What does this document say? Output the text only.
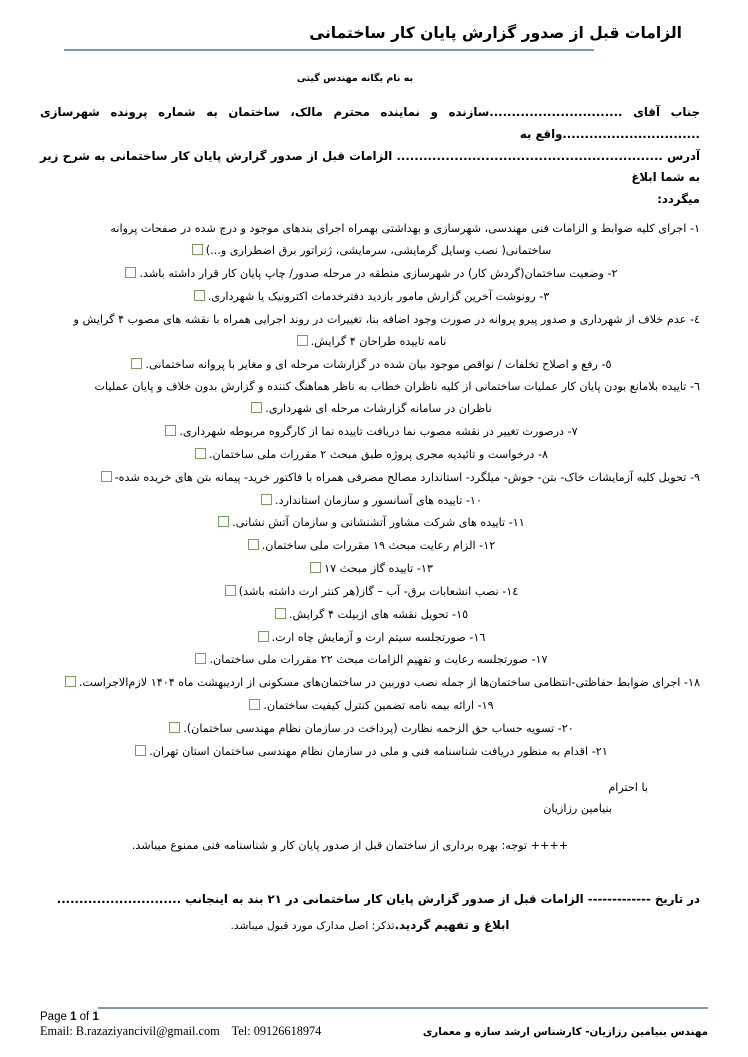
الزامات قبل از صدور گزارش پایان کار ساختمانی
به نام یگانه مهندس گیتی
جناب آقای ..............................سازنده و نماینده محترم مالک، ساختمان به شماره پرونده شهرسازی ...............................واقع به
آدرس ............................................................ الزامات قبل از صدور گزارش پایان کار ساختمانی به شرح زیر به شما ابلاغ
میگردد:
١- اجرای کلیه ضوابط و الزامات فنی مهندسی، شهرسازی و بهداشتی بهمراه اجرای بندهای موجود و درج شده در صفحات پروانه
ساختمانی( نصب وسایل گرمایشی، سرمایشی، ژنراتور برق اضطراری و...)
٢- وضعیت ساختمان(گردش کار) در شهرسازی منطقه در مرحله صدور/ چاپ پایان کار قرار داشته باشد.
٣- رونوشت آخرین گزارش مامور بازدید دفترخدمات اکترونیک یا شهرداری.
٤- عدم خلاف از شهرداری و صدور پیرو پروانه در صورت وجود اضافه بنا، تغییرات در روند اجرایی همراه با نقشه های مصوب ۴ گرایش و
نامه تاییده طراحان ۴ گرایش.
٥- رفع و اصلاح تخلفات / نواقص موجود بیان شده در گزارشات مرحله ای و مغایر با پروانه ساختمانی.
٦- تاییده بلامانع بودن پایان کار عملیات ساختمانی از کلیه ناظران خطاب به ناظر هماهنگ کننده و گزارش بدون خلاف و پایان عملیات
ناظران در سامانه گزارشات مرحله ای شهرداری.
٧- درصورت تغییر در نقشه مصوب نما دریافت تاییده نما از کارگروه مربوطه شهرداری.
٨- درخواست و تائیدیه مجری پروژه طبق مبحث ٢ مقررات ملی ساختمان.
٩- تحویل کلیه آزمایشات خاک- بتن- جوش- میلگرد- استاندارد مصالح مصرفی همراه با فاکتور خرید- پیمانه بتن های خریده شده-
١٠- تاییده های آسانسور و سازمان استاندارد.
١١- تاییده های شرکت مشاور آتشنشانی و سازمان آتش نشانی.
١٢- الزام رعایت مبحث ١٩ مقررات ملی ساختمان.
١٣- تاییده گاز مبحث ١٧
١٤- نصب انشعابات برق- آب – گاز(هر کنتر ارت داشته باشد)
١٥- تحویل نقشه های ازبیلت ۴ گرایش.
١٦- صورتجلسه سیتم ارت و آزمایش چاه ارت.
١٧- صورتجلسه رعایت و تفهیم الزامات مبحث ٢٢ مقررات ملی ساختمان.
١٨- اجرای ضوابط حفاظتی-انتظامی ساختمان‌ها از جمله نصب دوربین در ساختمان‌های مسکونی از اردیبهشت ماه ١۴٠۴ لازم‌الاجراست.
١٩- ارائه بیمه نامه تضمین کنترل کیفیت ساختمان.
٢٠- تسویه حساب حق الزحمه نظارت (پرداخت در سازمان نظام مهندسی ساختمان).
٢١- اقدام به منظور دریافت شناسنامه فنی و ملی در سازمان نظام مهندسی ساختمان استان تهران.
با احترام
بنیامین رزازیان
++++ توجه: بهره برداری از ساختمان قبل از صدور پایان کار و شناسنامه فنی ممنوع میباشد.
در تاریخ ------------- الزامات قبل از صدور گزارش پایان کار ساختمانی در ٢١ بند به اینجانب ............................
ابلاغ و تفهیم گردید.تذکر: اصل مدارک مورد قبول میباشد.
Page 1 of 1
Email: B.razaziyancivil@gmail.com Tel: 09126618974	مهندس بنیامین رزازیان- کارشناس ارشد سازه و معماری
